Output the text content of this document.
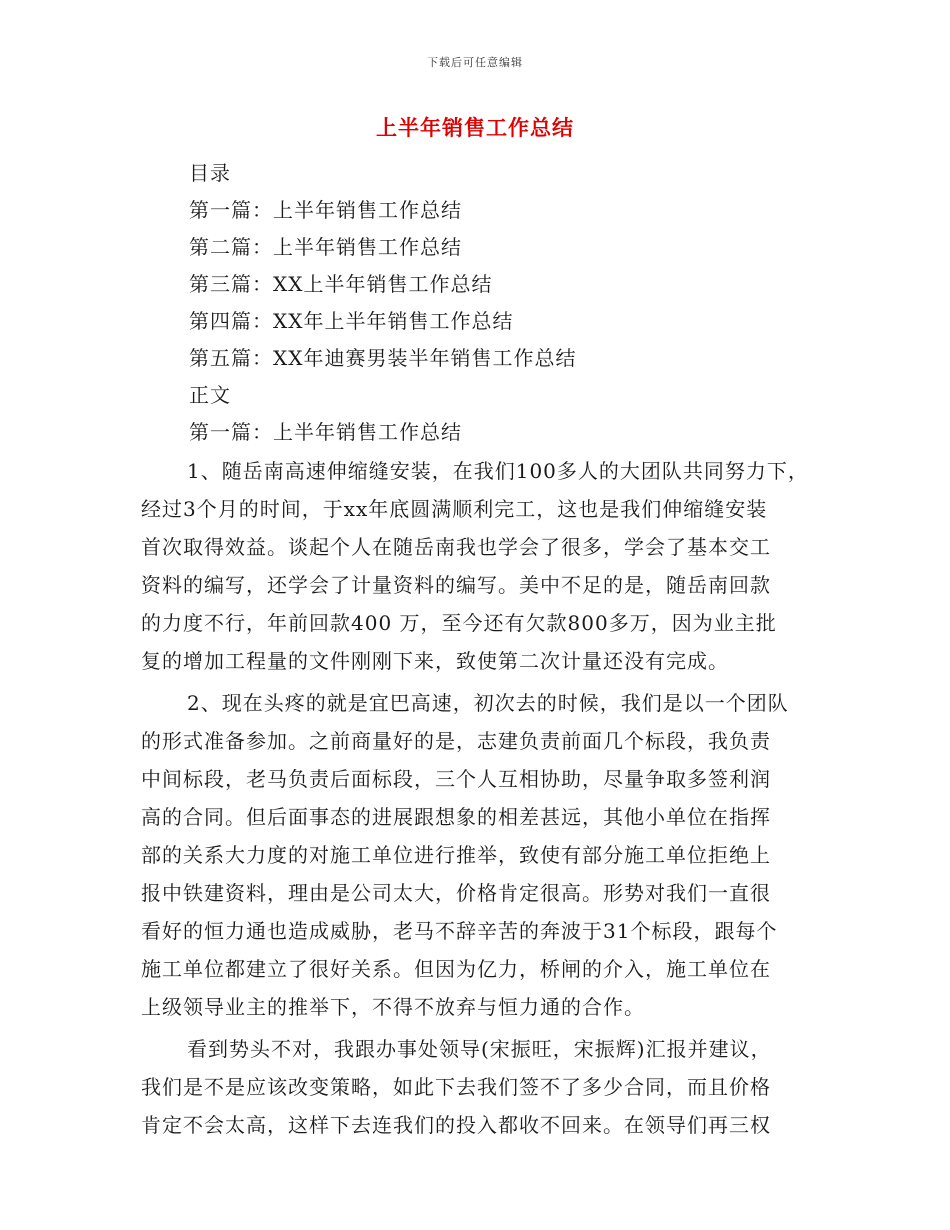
下载后可任意编辑
上半年销售工作总结
目录
第一篇：上半年销售工作总结
第二篇：上半年销售工作总结
第三篇：XX上半年销售工作总结
第四篇：XX年上半年销售工作总结
第五篇：XX年迪赛男装半年销售工作总结
正文
第一篇：上半年销售工作总结
1、随岳南高速伸缩缝安装，在我们100多人的大团队共同努力下，
经过3个月的时间，于xx年底圆满顺利完工，这也是我们伸缩缝安装
首次取得效益。谈起个人在随岳南我也学会了很多，学会了基本交工
资料的编写，还学会了计量资料的编写。美中不足的是，随岳南回款
的力度不行，年前回款400 万，至今还有欠款800多万，因为业主批
复的增加工程量的文件刚刚下来，致使第二次计量还没有完成。
2、现在头疼的就是宜巴高速，初次去的时候，我们是以一个团队
的形式准备参加。之前商量好的是，志建负责前面几个标段，我负责
中间标段，老马负责后面标段，三个人互相协助，尽量争取多签利润
高的合同。但后面事态的进展跟想象的相差甚远，其他小单位在指挥
部的关系大力度的对施工单位进行推举，致使有部分施工单位拒绝上
报中铁建资料，理由是公司太大，价格肯定很高。形势对我们一直很
看好的恒力通也造成威胁，老马不辞辛苦的奔波于31个标段，跟每个
施工单位都建立了很好关系。但因为亿力，桥闸的介入，施工单位在
上级领导业主的推举下，不得不放弃与恒力通的合作。
看到势头不对，我跟办事处领导(宋振旺，宋振辉)汇报并建议，
我们是不是应该改变策略，如此下去我们签不了多少合同，而且价格
肯定不会太高，这样下去连我们的投入都收不回来。在领导们再三权
